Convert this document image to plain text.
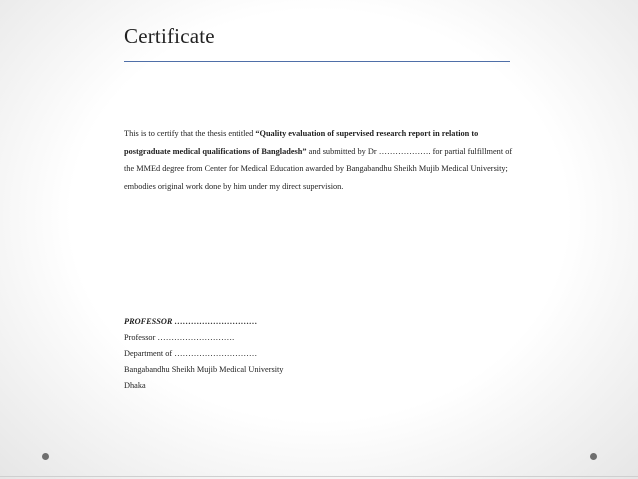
Certificate
This is to certify that the thesis entitled “Quality evaluation of supervised research report in relation to postgraduate medical qualifications of Bangladesh” and submitted by Dr ………………. for partial fulfillment of the MMEd degree from Center for Medical Education awarded by Bangabandhu Sheikh Mujib Medical University; embodies original work done by him under my direct supervision.
PROFESSOR …………………………
Professor ……………………….
Department of …………………………
Bangabandhu Sheikh Mujib Medical University
Dhaka
